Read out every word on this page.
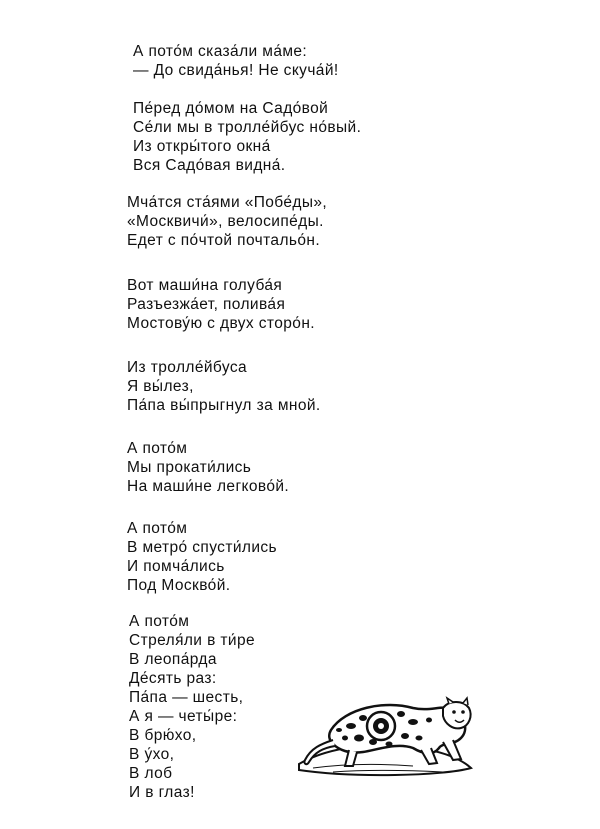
А пото́м сказа́ли ма́ме:
— До свида́нья! Не скуча́й!
Пе́ред до́мом на Садо́вой
Се́ли мы в тролле́йбус но́вый.
Из откры́того окна́
Вся Садо́вая видна́.
Мча́тся ста́ями «Побе́ды»,
«Москвичи́», велосипе́ды.
Едет с по́чтой почтальо́н.
Вот маши́на голуба́я
Разъезжа́ет, полива́я
Мостову́ю с двух сторо́н.
Из тролле́йбуса
Я вы́лез,
Па́па вы́прыгнул за мной.
А пото́м
Мы прокати́лись
На маши́не легково́й.
А пото́м
В метро́ спусти́лись
И помча́лись
Под Москво́й.
А пото́м
Стреля́ли в ти́ре
В леопа́рда
Де́сять раз:
Па́па — шесть,
А я — четы́ре:
В брю́хо,
В у́хо,
В лоб
И в глаз!
